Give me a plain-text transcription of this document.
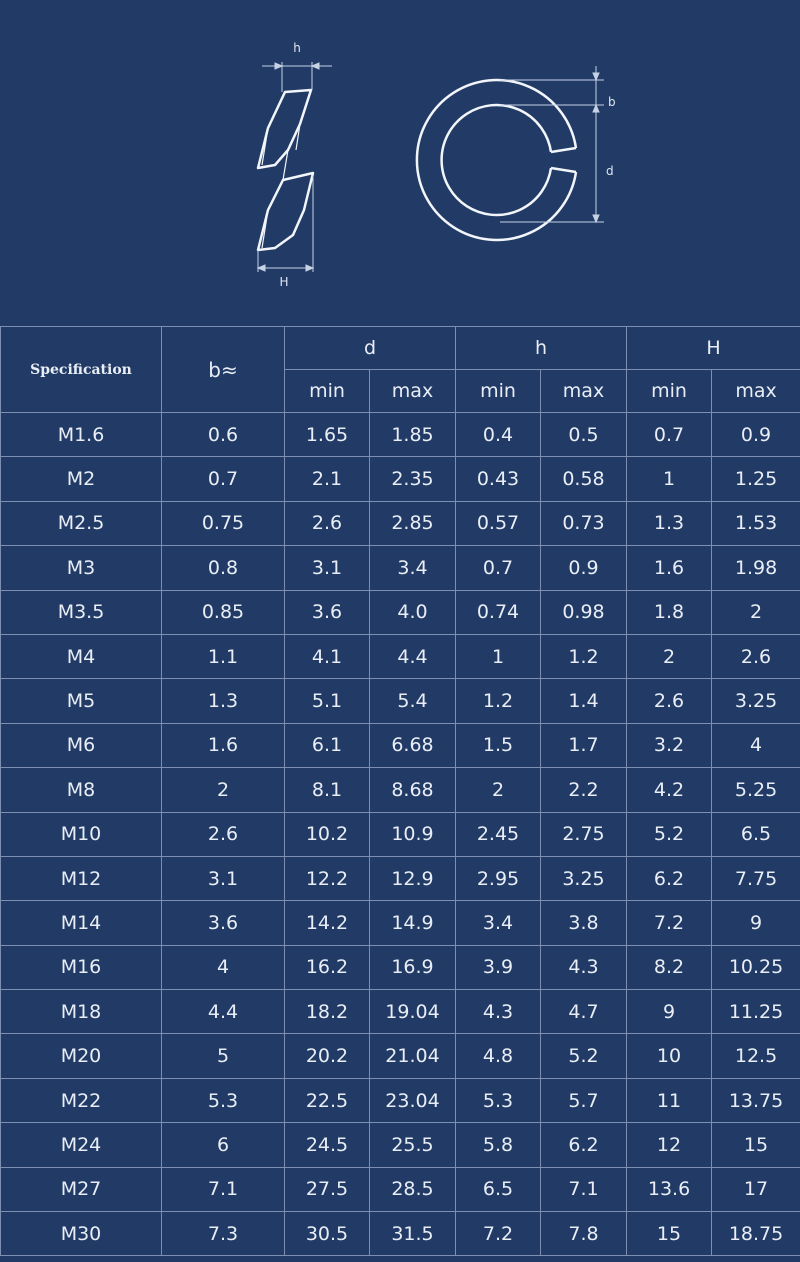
h
H
b
d
Specification	b≈	d		h		H	
		min	max	min	max	min	max
M1.6	0.6	1.65	1.85	0.4	0.5	0.7	0.9
M2	0.7	2.1	2.35	0.43	0.58	1	1.25
M2.5	0.75	2.6	2.85	0.57	0.73	1.3	1.53
M3	0.8	3.1	3.4	0.7	0.9	1.6	1.98
M3.5	0.85	3.6	4.0	0.74	0.98	1.8	2
M4	1.1	4.1	4.4	1	1.2	2	2.6
M5	1.3	5.1	5.4	1.2	1.4	2.6	3.25
M6	1.6	6.1	6.68	1.5	1.7	3.2	4
M8	2	8.1	8.68	2	2.2	4.2	5.25
M10	2.6	10.2	10.9	2.45	2.75	5.2	6.5
M12	3.1	12.2	12.9	2.95	3.25	6.2	7.75
M14	3.6	14.2	14.9	3.4	3.8	7.2	9
M16	4	16.2	16.9	3.9	4.3	8.2	10.25
M18	4.4	18.2	19.04	4.3	4.7	9	11.25
M20	5	20.2	21.04	4.8	5.2	10	12.5
M22	5.3	22.5	23.04	5.3	5.7	11	13.75
M24	6	24.5	25.5	5.8	6.2	12	15
M27	7.1	27.5	28.5	6.5	7.1	13.6	17
M30	7.3	30.5	31.5	7.2	7.8	15	18.75
